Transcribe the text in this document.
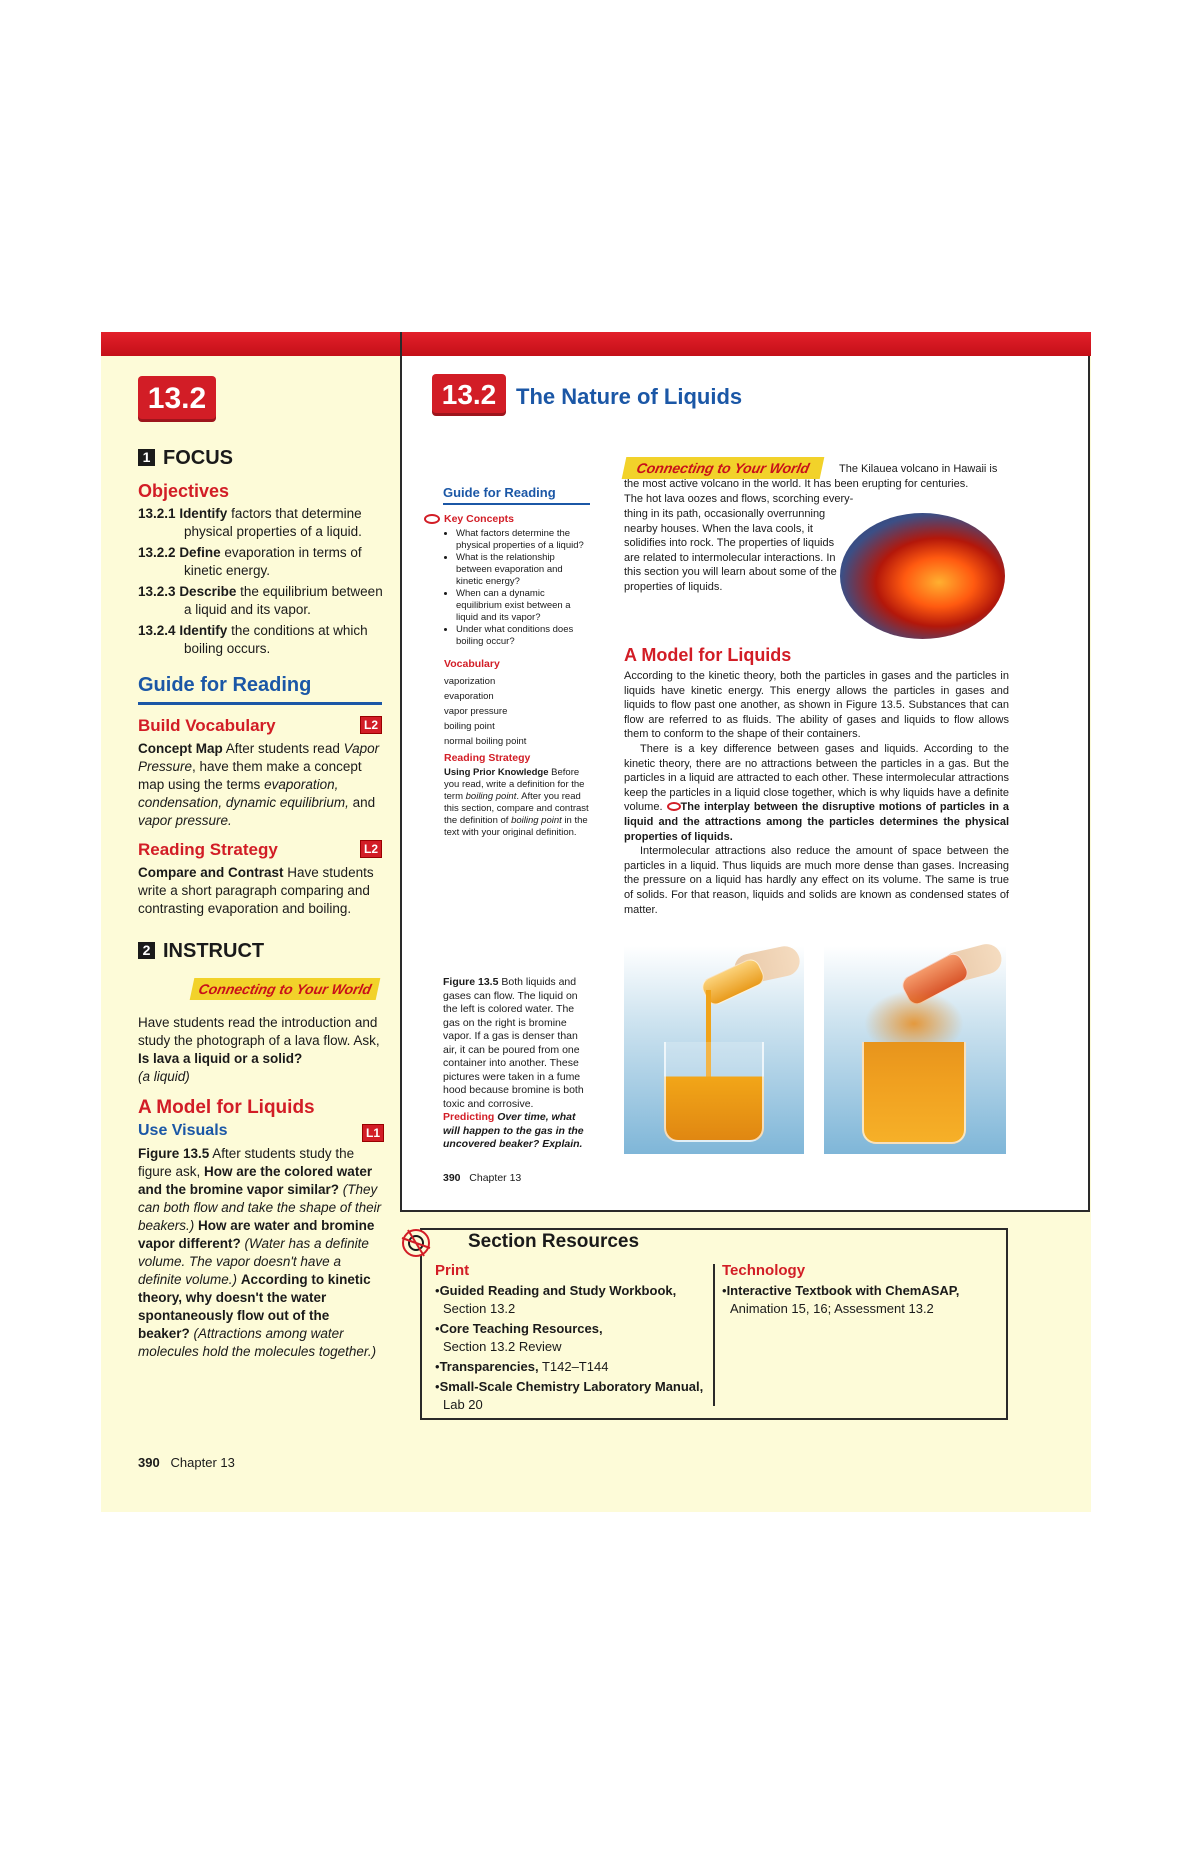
13.2
1 FOCUS
Objectives
13.2.1 Identify factors that determine physical properties of a liquid.
13.2.2 Define evaporation in terms of kinetic energy.
13.2.3 Describe the equilibrium between a liquid and its vapor.
13.2.4 Identify the conditions at which boiling occurs.
Guide for Reading
Build Vocabulary	L2
Concept Map After students read Vapor Pressure, have them make a concept map using the terms evaporation, condensation, dynamic equilibrium, and vapor pressure.
Reading Strategy	L2
Compare and Contrast Have students write a short paragraph comparing and contrasting evaporation and boiling.
2 INSTRUCT
Connecting to Your World
Have students read the introduction and study the photograph of a lava flow. Ask, Is lava a liquid or a solid?
(a liquid)
A Model for Liquids
Use Visuals	L1
Figure 13.5 After students study the figure ask, How are the colored water and the bromine vapor similar? (They can both flow and take the shape of their beakers.) How are water and bromine vapor different? (Water has a definite volume. The vapor doesn't have a definite volume.) According to kinetic theory, why doesn't the water spontaneously flow out of the beaker? (Attractions among water molecules hold the molecules together.)
390 Chapter 13
13.2 The Nature of Liquids
Guide for Reading
Key Concepts
• What factors determine the physical properties of a liquid?
• What is the relationship between evaporation and kinetic energy?
• When can a dynamic equilibrium exist between a liquid and its vapor?
• Under what conditions does boiling occur?
Vocabulary
vaporization
evaporation
vapor pressure
boiling point
normal boiling point
Reading Strategy
Using Prior Knowledge Before you read, write a definition for the term boiling point. After you read this section, compare and contrast the definition of boiling point in the text with your original definition.
Connecting to Your World	The Kilauea volcano in Hawaii is
the most active volcano in the world. It has been erupting for centuries.
The hot lava oozes and flows, scorching every-
thing in its path, occasionally overrunning nearby houses. When the lava cools, it solidifies into rock. The properties of liquids are related to intermolecular interactions. In this section you will learn about some of the properties of liquids.
A Model for Liquids
According to the kinetic theory, both the particles in gases and the particles in liquids have kinetic energy. This energy allows the particles in gases and liquids to flow past one another, as shown in Figure 13.5. Substances that can flow are referred to as fluids. The ability of gases and liquids to flow allows them to conform to the shape of their containers.
There is a key difference between gases and liquids. According to the kinetic theory, there are no attractions between the particles in a gas. But the particles in a liquid are attracted to each other. These intermolecular attractions keep the particles in a liquid close together, which is why liquids have a definite volume. The interplay between the disruptive motions of particles in a liquid and the attractions among the particles determines the physical properties of liquids.
Intermolecular attractions also reduce the amount of space between the particles in a liquid. Thus liquids are much more dense than gases. Increasing the pressure on a liquid has hardly any effect on its volume. The same is true of solids. For that reason, liquids and solids are known as condensed states of matter.
Figure 13.5 Both liquids and gases can flow. The liquid on the left is colored water. The gas on the right is bromine vapor. If a gas is denser than air, it can be poured from one container into another. These pictures were taken in a fume hood because bromine is both toxic and corrosive.
Predicting Over time, what will happen to the gas in the uncovered beaker? Explain.
390 Chapter 13
Section Resources
Print
•Guided Reading and Study Workbook,
Section 13.2
•Core Teaching Resources,
Section 13.2 Review
•Transparencies, T142–T144
•Small-Scale Chemistry Laboratory Manual, Lab 20
Technology
•Interactive Textbook with ChemASAP,
Animation 15, 16; Assessment 13.2
